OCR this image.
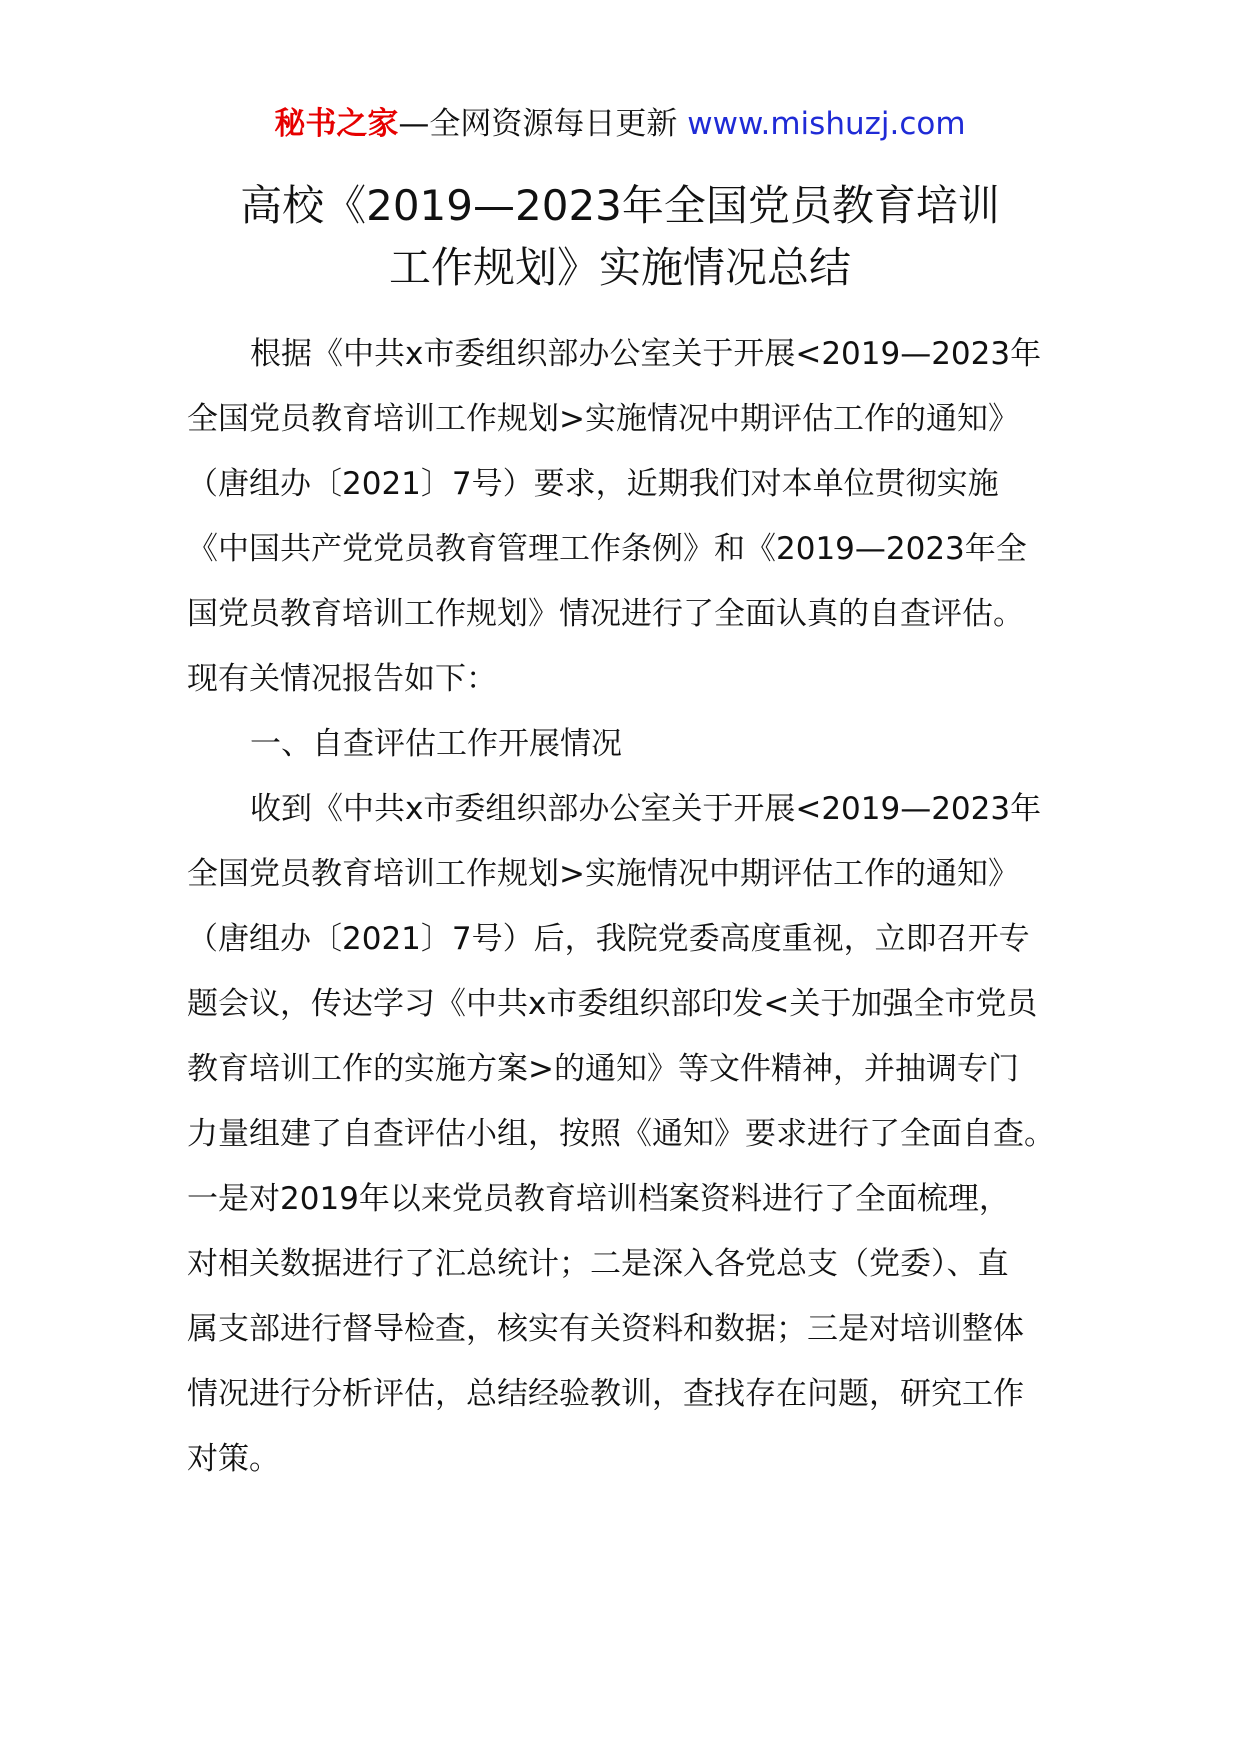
秘书之家—全网资源每日更新 www.mishuzj.com
高校《2019—2023年全国党员教育培训
工作规划》实施情况总结
根据《中共x市委组织部办公室关于开展<2019—2023年
全国党员教育培训工作规划>实施情况中期评估工作的通知》
（唐组办〔2021〕7号）要求，近期我们对本单位贯彻实施
《中国共产党党员教育管理工作条例》和《2019—2023年全
国党员教育培训工作规划》情况进行了全面认真的自查评估。
现有关情况报告如下：
一、自查评估工作开展情况
收到《中共x市委组织部办公室关于开展<2019—2023年
全国党员教育培训工作规划>实施情况中期评估工作的通知》
（唐组办〔2021〕7号）后，我院党委高度重视，立即召开专
题会议，传达学习《中共x市委组织部印发<关于加强全市党员
教育培训工作的实施方案>的通知》等文件精神，并抽调专门
力量组建了自查评估小组，按照《通知》要求进行了全面自查。
一是对2019年以来党员教育培训档案资料进行了全面梳理，
对相关数据进行了汇总统计；二是深入各党总支（党委）、直
属支部进行督导检查，核实有关资料和数据；三是对培训整体
情况进行分析评估，总结经验教训，查找存在问题，研究工作
对策。
